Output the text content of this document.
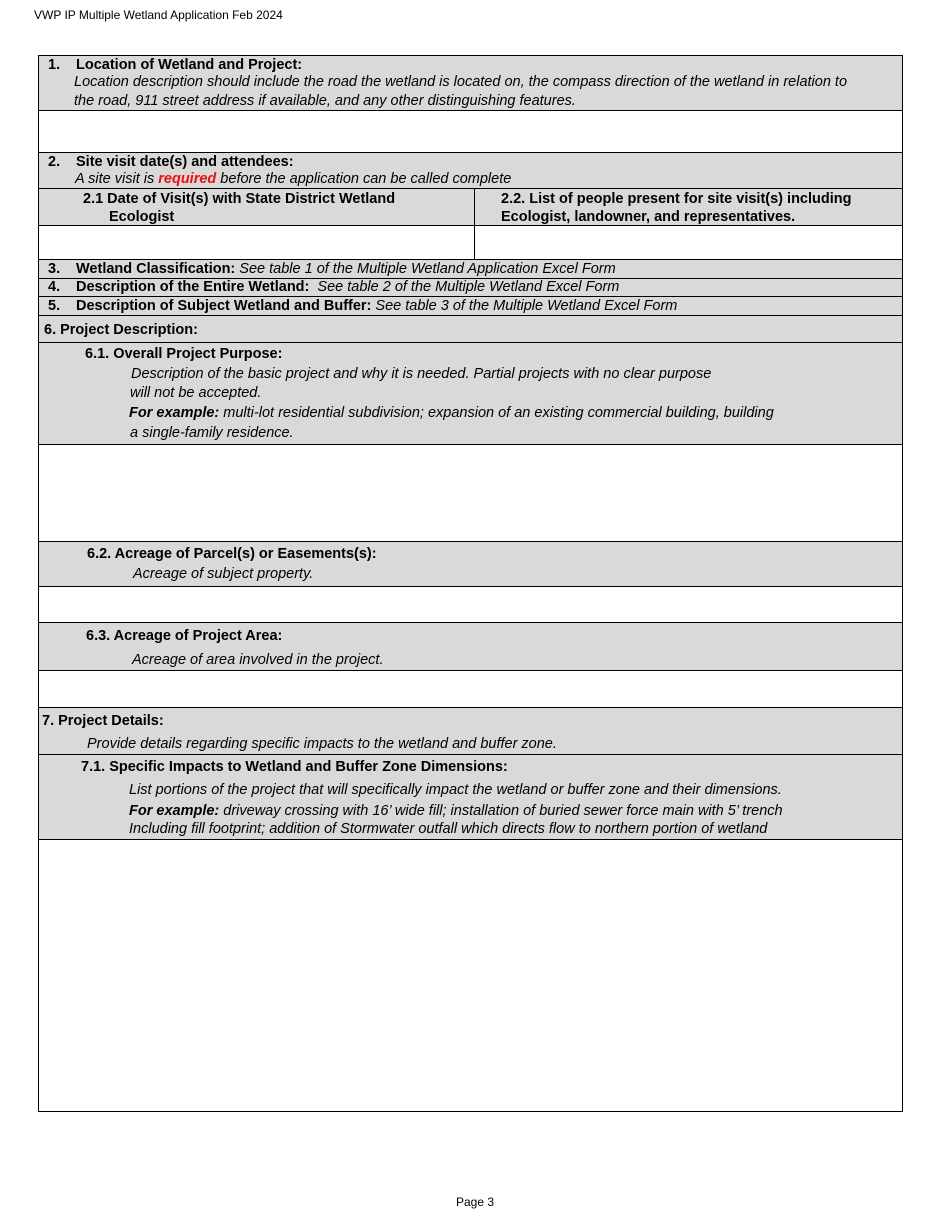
VWP IP Multiple Wetland Application Feb 2024
1. Location of Wetland and Project:
Location description should include the road the wetland is located on, the compass direction of the wetland in relation to
the road, 911 street address if available, and any other distinguishing features.
2. Site visit date(s) and attendees:
A site visit is required before the application can be called complete
2.1 Date of Visit(s) with State District Wetland
Ecologist
2.2. List of people present for site visit(s) including
Ecologist, landowner, and representatives.
3. Wetland Classification: See table 1 of the Multiple Wetland Application Excel Form
4. Description of the Entire Wetland: See table 2 of the Multiple Wetland Excel Form
5. Description of Subject Wetland and Buffer: See table 3 of the Multiple Wetland Excel Form
6. Project Description:
6.1. Overall Project Purpose:
Description of the basic project and why it is needed. Partial projects with no clear purpose
will not be accepted.
For example: multi-lot residential subdivision; expansion of an existing commercial building, building
a single-family residence.
6.2. Acreage of Parcel(s) or Easements(s):
Acreage of subject property.
6.3. Acreage of Project Area:
Acreage of area involved in the project.
7. Project Details:
Provide details regarding specific impacts to the wetland and buffer zone.
7.1. Specific Impacts to Wetland and Buffer Zone Dimensions:
List portions of the project that will specifically impact the wetland or buffer zone and their dimensions.
For example: driveway crossing with 16’ wide fill; installation of buried sewer force main with 5’ trench
Including fill footprint; addition of Stormwater outfall which directs flow to northern portion of wetland
Page 3
